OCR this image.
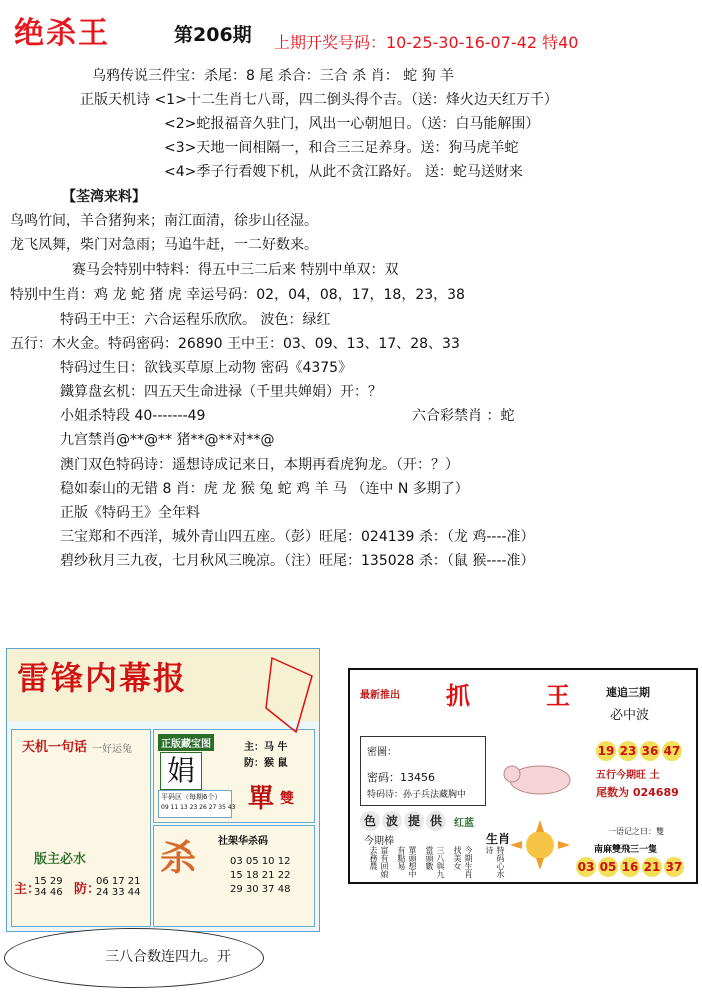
绝杀王	第206期 上期开奖号码：10-25-30-16-07-42 特40
乌鸦传说三件宝：杀尾：8 尾 杀合：三合 杀 肖： 蛇 狗 羊
正版天机诗 <1>十二生肖七八哥，四二倒头得个吉。（送：烽火边天红万千）
<2>蛇报福音久驻门，风出一心朝旭日。（送：白马能解围）
<3>天地一间相隔一，和合三三足养身。送：狗马虎羊蛇
<4>季子行看嫂下机，从此不贪江路好。 送：蛇马送财来
【荃湾来料】
鸟鸣竹间，羊合猪狗来；南江面清，徐步山径湿。
龙飞凤舞，柴门对急雨；马追牛赶，一二好数来。
赛马会特别中特料：得五中三二后来 特别中单双：双
特别中生肖：鸡 龙 蛇 猪 虎 幸运号码：02，04，08，17，18，23，38
特码王中王：六合运程乐欣欣。 波色：绿红
五行：木火金。特码密码：26890 王中王：03、09、13、17、28、33
特码过生日：欲钱买草原上动物 密码《4375》
鐵算盘玄机：四五天生命进禄（千里共婵娟）开：？
小姐杀特段 40-------49	六合彩禁肖 ：蛇
九宫禁肖@**@** 猪**@**对**@
澳门双色特码诗：遥想诗成记来日，本期再看虎狗龙。（开：？）
稳如泰山的无错 8 肖：虎 龙 猴 兔 蛇 鸡 羊 马 （连中 N 多期了）
正版《特码王》全年料
三宝郑和不西洋，城外青山四五座。（彭）旺尾：024139 杀：（龙 鸡----准）
碧纱秋月三九夜，七月秋风三晚凉。（注）旺尾：135028 杀：（鼠 猴----准）
雷锋内幕报
天机一句话 一好运兔
版主必水
主：
15 29 34 46 防：
06 17 21 24 33 44
正版藏宝图
娟
主：马 牛
防：猴 鼠
平码区（每期6个）
09 11 13 23 26 27 35 43 單 雙
杀 社架华杀码
03 05 10 12
15 18 21 22
29 30 37 48
最新推出 抓	王	連追三期
必中波
密圖：
密码：13456
特码诗：孙子兵法藏胸中
19 23 36 47
五行今期旺 土
尾数为 024689
色 波 提 供	红蓝
今期棒	生肖
富有回娘去務農	單頭想中有點易	三八與九當頭數	今期生肖找美女	特码心水诗
一语记之曰：雙
南麻雙飛三一隻
03 05 16 21 37
三八合数连四九。开
